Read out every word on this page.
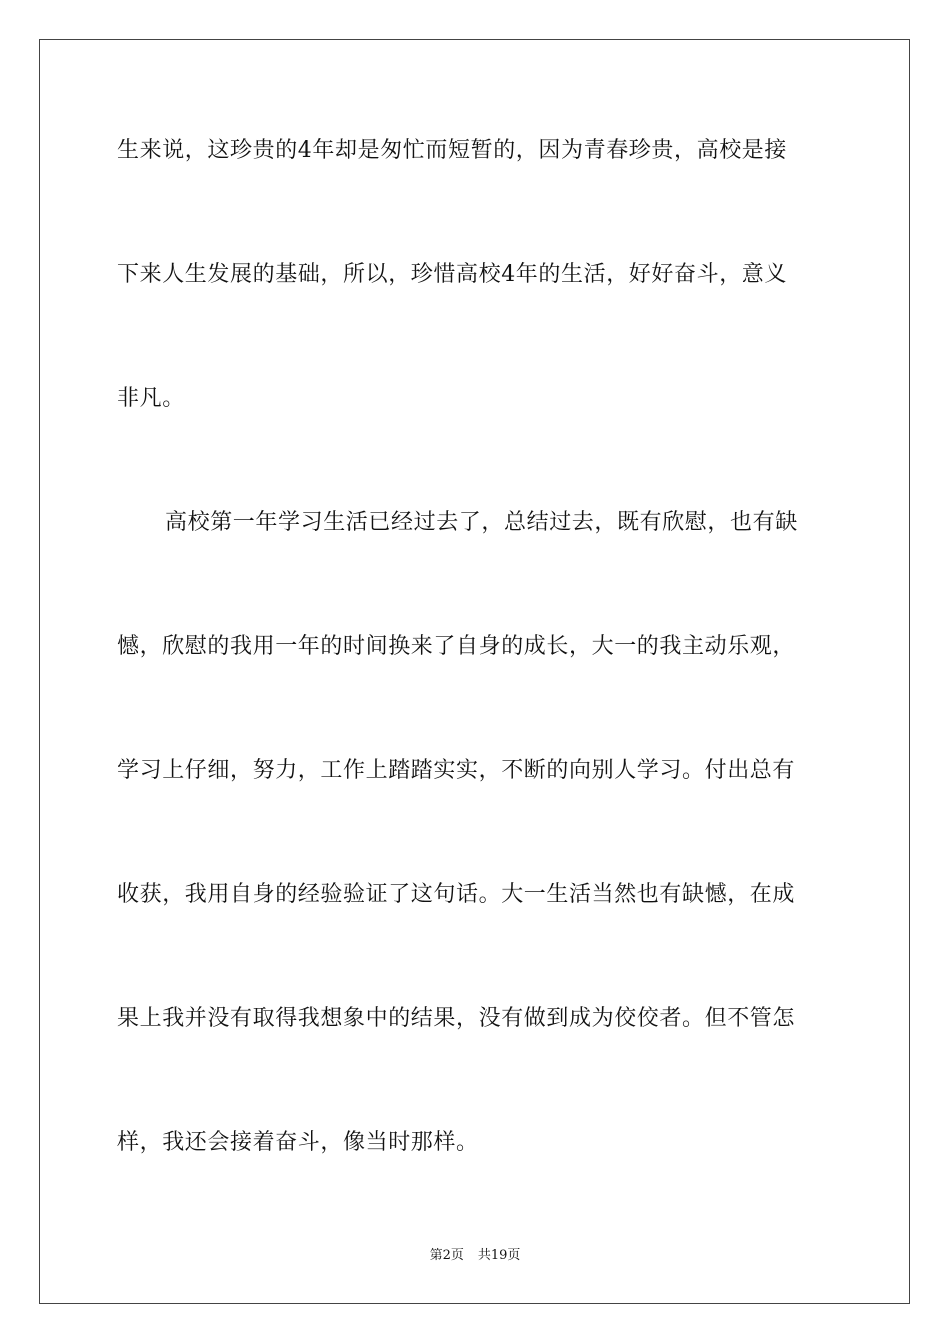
生来说，这珍贵的4年却是匆忙而短暂的，因为青春珍贵，高校是接
下来人生发展的基础，所以，珍惜高校4年的生活，好好奋斗，意义
非凡。
高校第一年学习生活已经过去了，总结过去，既有欣慰，也有缺
憾，欣慰的我用一年的时间换来了自身的成长，大一的我主动乐观，
学习上仔细，努力，工作上踏踏实实，不断的向别人学习。付出总有
收获，我用自身的经验验证了这句话。大一生活当然也有缺憾，在成
果上我并没有取得我想象中的结果，没有做到成为佼佼者。但不管怎
样，我还会接着奋斗，像当时那样。
第2页 共19页
